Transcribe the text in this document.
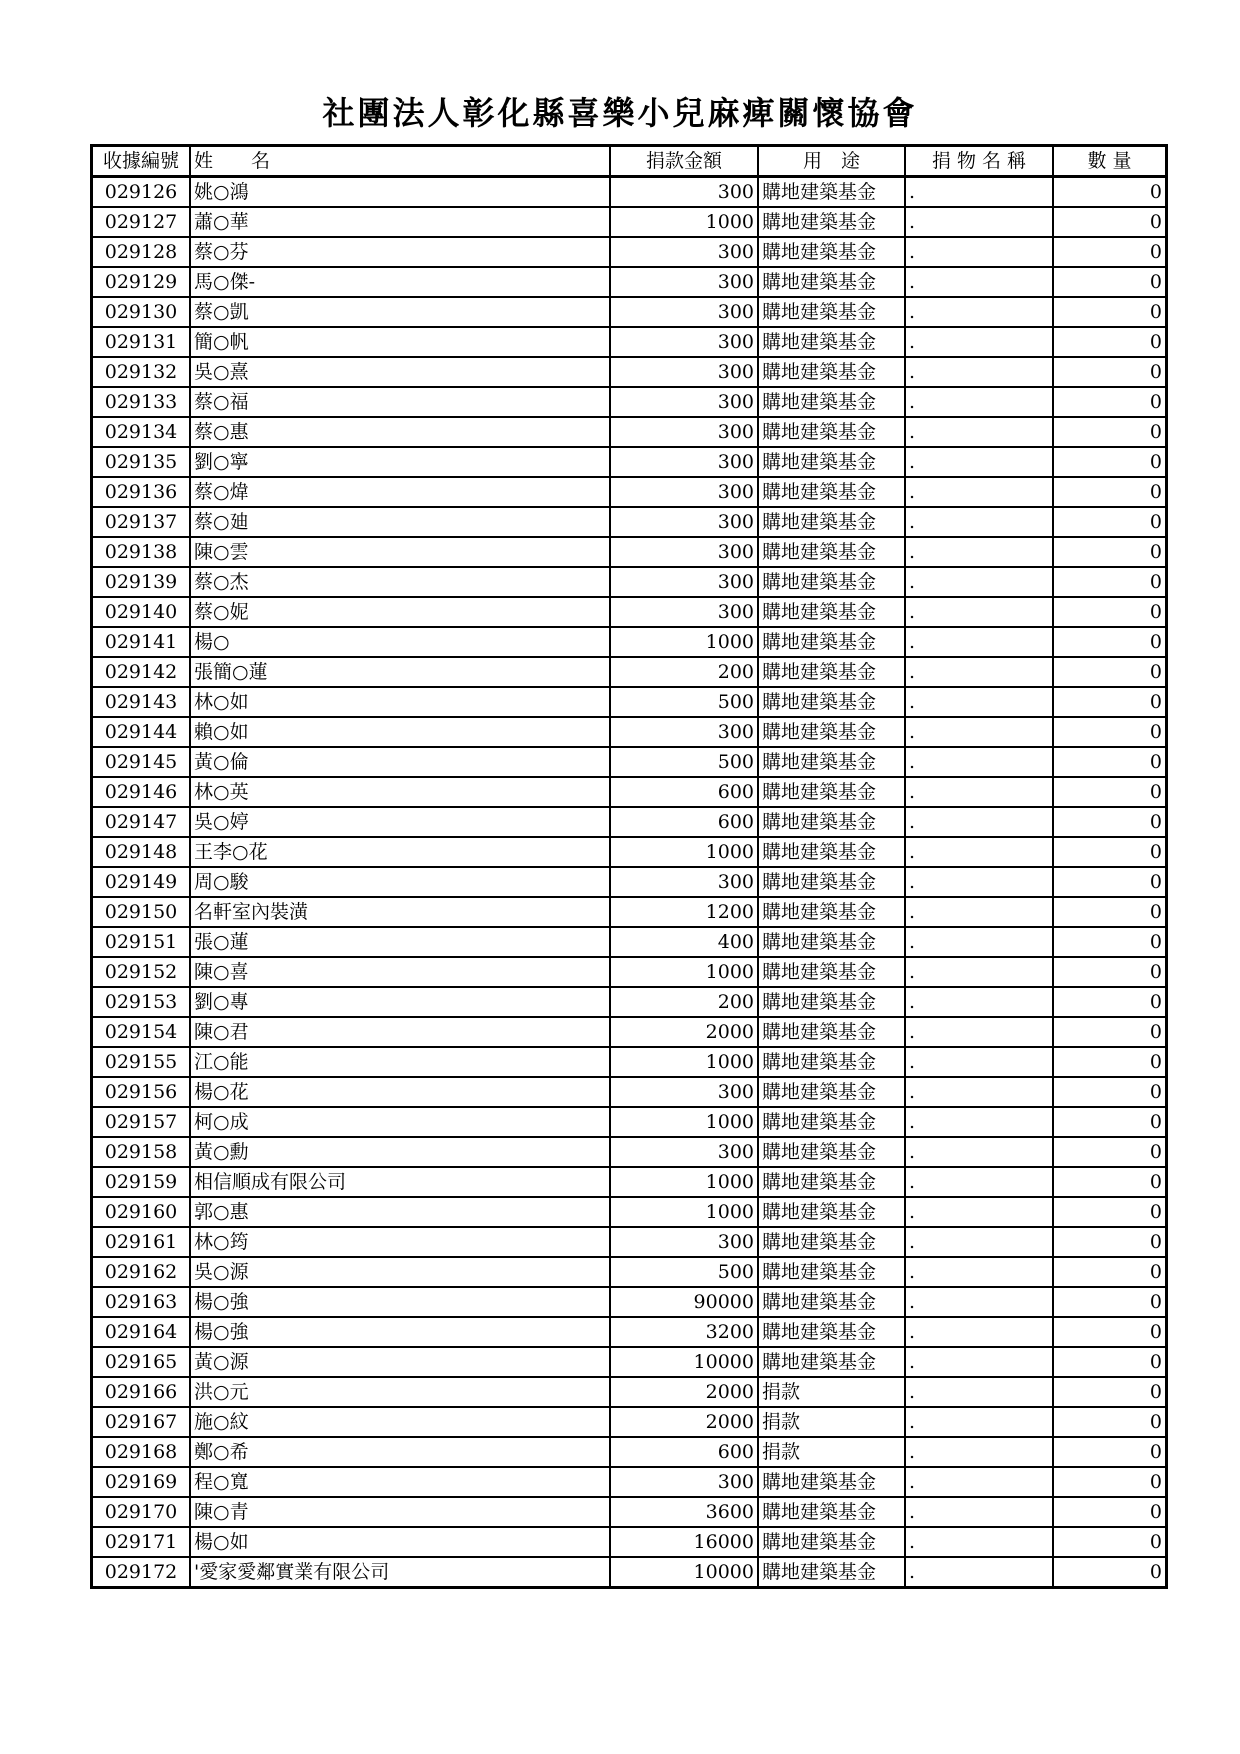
社團法人彰化縣喜樂小兒麻痺關懷協會
收據編號	姓　　名	捐款金額	用　途	捐 物 名 稱	數 量
029126	姚○鴻	300	購地建築基金	.	0
029127	蕭○華	1000	購地建築基金	.	0
029128	蔡○芬	300	購地建築基金	.	0
029129	馬○傑-	300	購地建築基金	.	0
029130	蔡○凱	300	購地建築基金	.	0
029131	簡○帆	300	購地建築基金	.	0
029132	吳○熹	300	購地建築基金	.	0
029133	蔡○福	300	購地建築基金	.	0
029134	蔡○惠	300	購地建築基金	.	0
029135	劉○寧	300	購地建築基金	.	0
029136	蔡○煒	300	購地建築基金	.	0
029137	蔡○廸	300	購地建築基金	.	0
029138	陳○雲	300	購地建築基金	.	0
029139	蔡○杰	300	購地建築基金	.	0
029140	蔡○妮	300	購地建築基金	.	0
029141	楊○	1000	購地建築基金	.	0
029142	張簡○蓮	200	購地建築基金	.	0
029143	林○如	500	購地建築基金	.	0
029144	賴○如	300	購地建築基金	.	0
029145	黃○倫	500	購地建築基金	.	0
029146	林○英	600	購地建築基金	.	0
029147	吳○婷	600	購地建築基金	.	0
029148	王李○花	1000	購地建築基金	.	0
029149	周○駿	300	購地建築基金	.	0
029150	名軒室內裝潢	1200	購地建築基金	.	0
029151	張○蓮	400	購地建築基金	.	0
029152	陳○喜	1000	購地建築基金	.	0
029153	劉○專	200	購地建築基金	.	0
029154	陳○君	2000	購地建築基金	.	0
029155	江○能	1000	購地建築基金	.	0
029156	楊○花	300	購地建築基金	.	0
029157	柯○成	1000	購地建築基金	.	0
029158	黃○勳	300	購地建築基金	.	0
029159	相信順成有限公司	1000	購地建築基金	.	0
029160	郭○惠	1000	購地建築基金	.	0
029161	林○筠	300	購地建築基金	.	0
029162	吳○源	500	購地建築基金	.	0
029163	楊○強	90000	購地建築基金	.	0
029164	楊○強	3200	購地建築基金	.	0
029165	黃○源	10000	購地建築基金	.	0
029166	洪○元	2000	捐款	.	0
029167	施○紋	2000	捐款	.	0
029168	鄭○希	600	捐款	.	0
029169	程○寬	300	購地建築基金	.	0
029170	陳○青	3600	購地建築基金	.	0
029171	楊○如	16000	購地建築基金	.	0
029172	'愛家愛鄰實業有限公司	10000	購地建築基金	.	0
